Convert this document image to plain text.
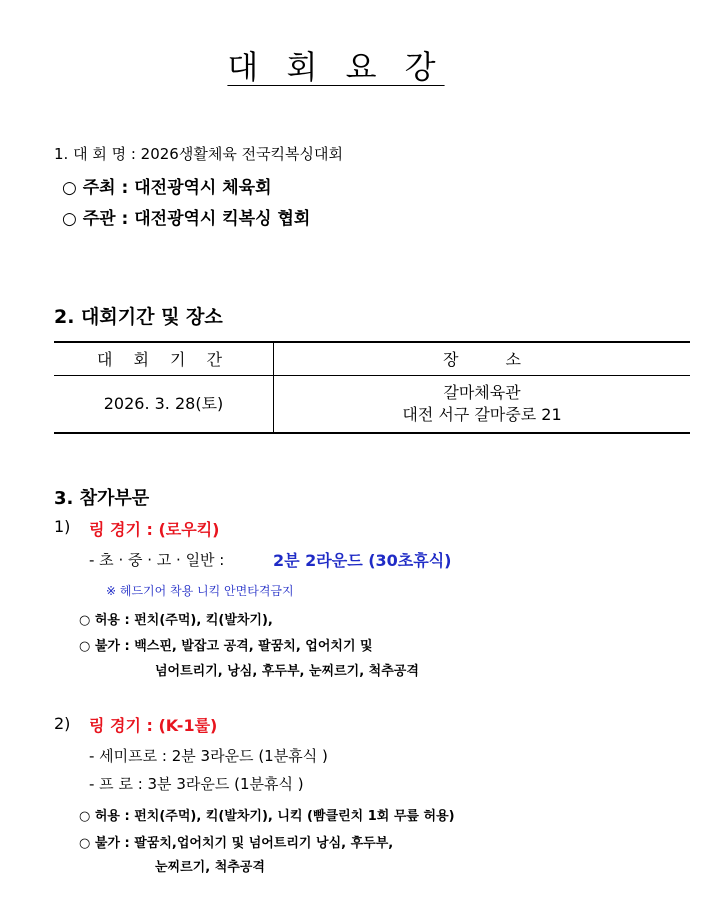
대 회 요 강
1. 대 회 명 : 2026생활체육 전국킥복싱대회
○ 주최 : 대전광역시 체육회
○ 주관 : 대전광역시 킥복싱 협회
2. 대회기간 및 장소
대 회 기 간	장 소
2026. 3. 28(토)	갈마체육관
대전 서구 갈마중로 21
3. 참가부문
1) 링 경기 : (로우킥)
- 초 · 중 · 고 · 일반 :	2분 2라운드 (30초휴식)
※ 헤드기어 착용 니킥 안면타격금지
○ 허용 : 펀치(주먹), 킥(발차기),
○ 불가 : 백스핀, 발잡고 공격, 팔꿈치, 업어치기 및
넘어트리기, 낭심, 후두부, 눈찌르기, 척추공격
2) 링 경기 : (K-1룰)
- 세미프로 : 2분 3라운드 (1분휴식 )
- 프 로 : 3분 3라운드 (1분휴식 )
○ 허용 : 펀치(주먹), 킥(발차기), 니킥 (빰클린치 1회 무릎 허용)
○ 불가 : 팔꿈치,업어치기 및 넘어트리기 낭심, 후두부,
눈찌르기, 척추공격
